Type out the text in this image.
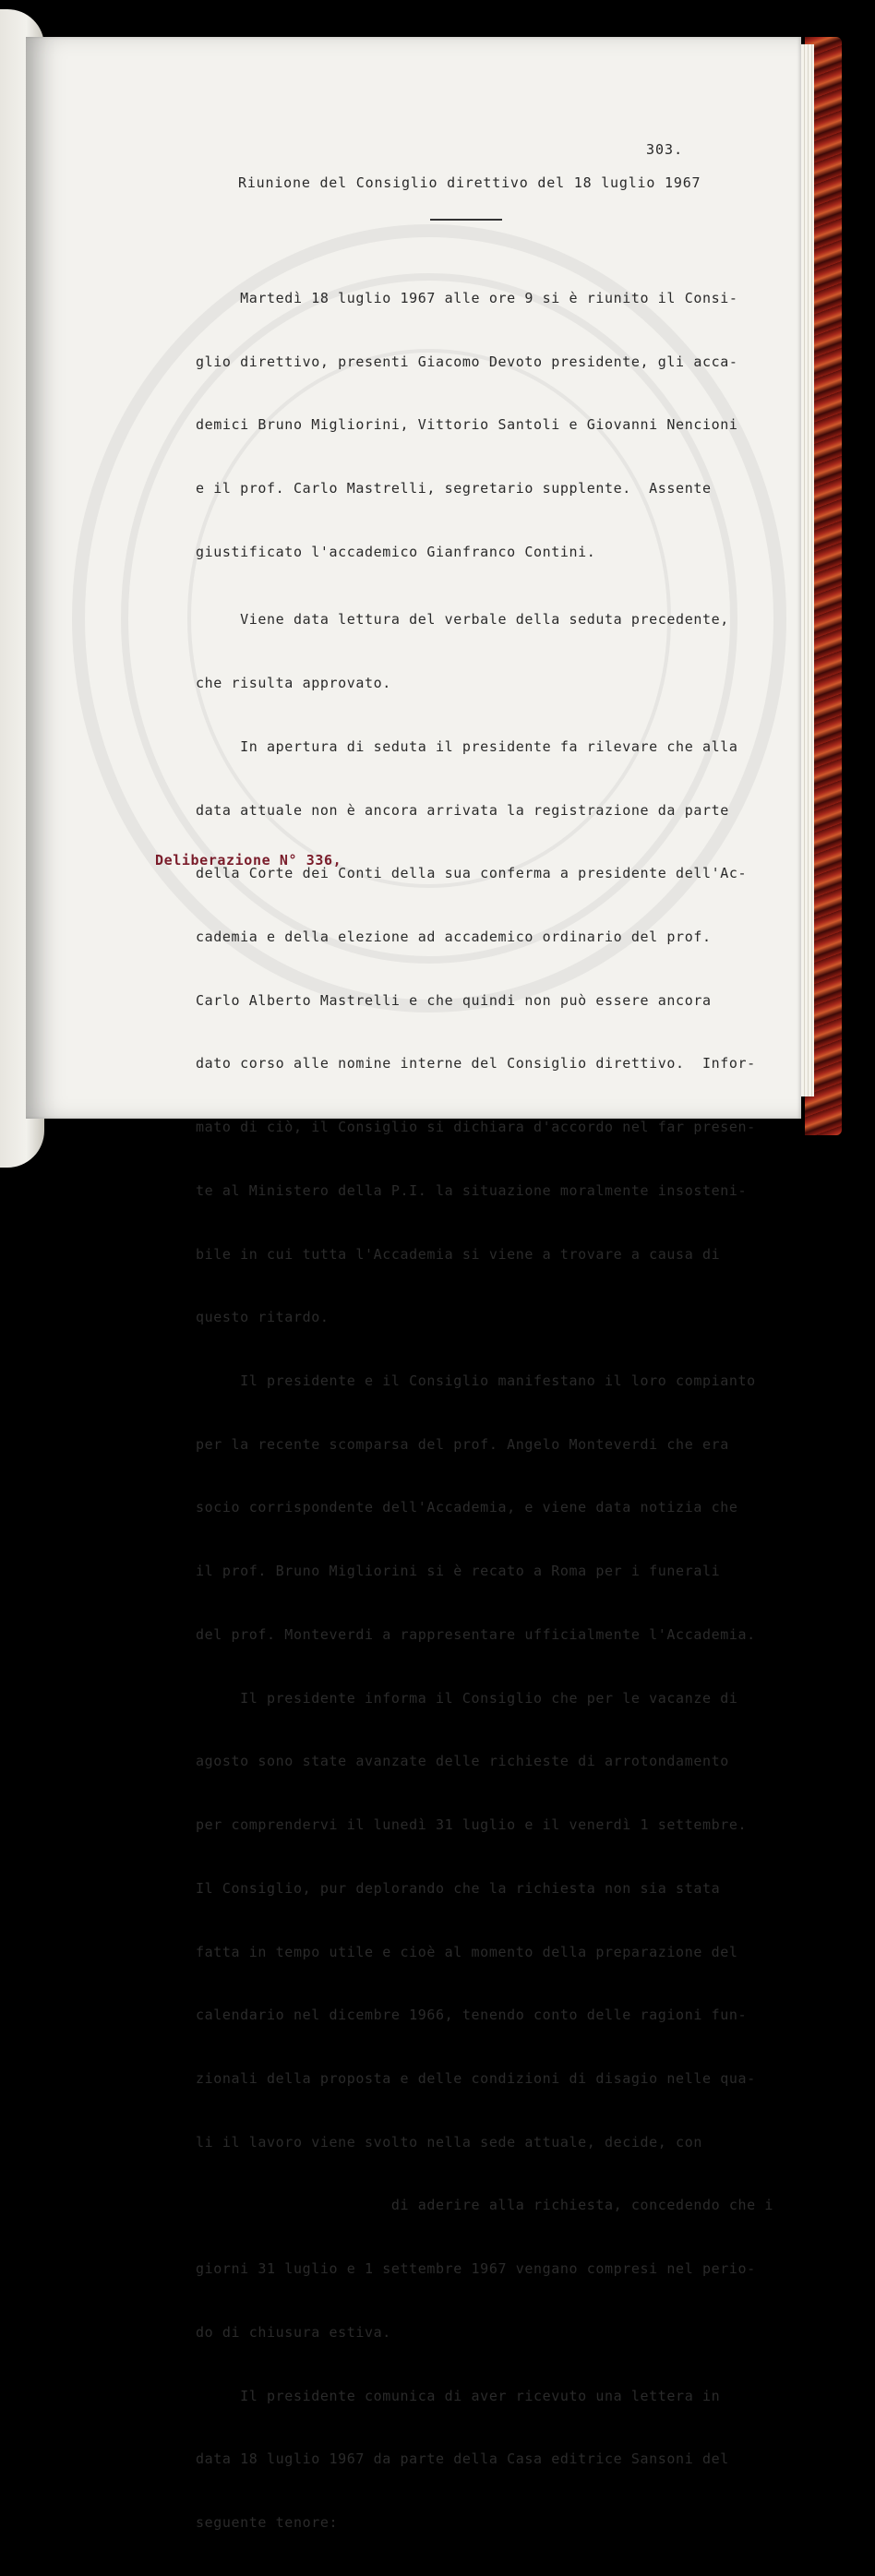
303.
Riunione del Consiglio direttivo del 18 luglio 1967

Martedì 18 luglio 1967 alle ore 9 si è riunito il Consi-

glio direttivo, presenti Giacomo Devoto presidente, gli acca-

demici Bruno Migliorini, Vittorio Santoli e Giovanni Nencioni

e il prof. Carlo Mastrelli, segretario supplente.  Assente

giustificato l'accademico Gianfranco Contini.

Viene data lettura del verbale della seduta precedente,

che risulta approvato.

In apertura di seduta il presidente fa rilevare che alla

data attuale non è ancora arrivata la registrazione da parte

della Corte dei Conti della sua conferma a presidente dell'Ac-

cademia e della elezione ad accademico ordinario del prof.

Carlo Alberto Mastrelli e che quindi non può essere ancora

dato corso alle nomine interne del Consiglio direttivo.  Infor-

mato di ciò, il Consiglio si dichiara d'accordo nel far presen-

te al Ministero della P.I. la situazione moralmente insosteni-

bile in cui tutta l'Accademia si viene a trovare a causa di

questo ritardo.

Il presidente e il Consiglio manifestano il loro compianto

per la recente scomparsa del prof. Angelo Monteverdi che era

socio corrispondente dell'Accademia, e viene data notizia che

il prof. Bruno Migliorini si è recato a Roma per i funerali

del prof. Monteverdi a rappresentare ufficialmente l'Accademia.

Il presidente informa il Consiglio che per le vacanze di

agosto sono state avanzate delle richieste di arrotondamento

per comprendervi il lunedì 31 luglio e il venerdì 1 settembre.

Il Consiglio, pur deplorando che la richiesta non sia stata

fatta in tempo utile e cioè al momento della preparazione del

calendario nel dicembre 1966, tenendo conto delle ragioni fun-

zionali della proposta e delle condizioni di disagio nelle qua-

li il lavoro viene svolto nella sede attuale, decide, con

di aderire alla richiesta, concedendo che i

giorni 31 luglio e 1 settembre 1967 vengano compresi nel perio-

do di chiusura estiva.

Il presidente comunica di aver ricevuto una lettera in

data 18 luglio 1967 da parte della Casa editrice Sansoni del

seguente tenore:

Deliberazione N° 336,
